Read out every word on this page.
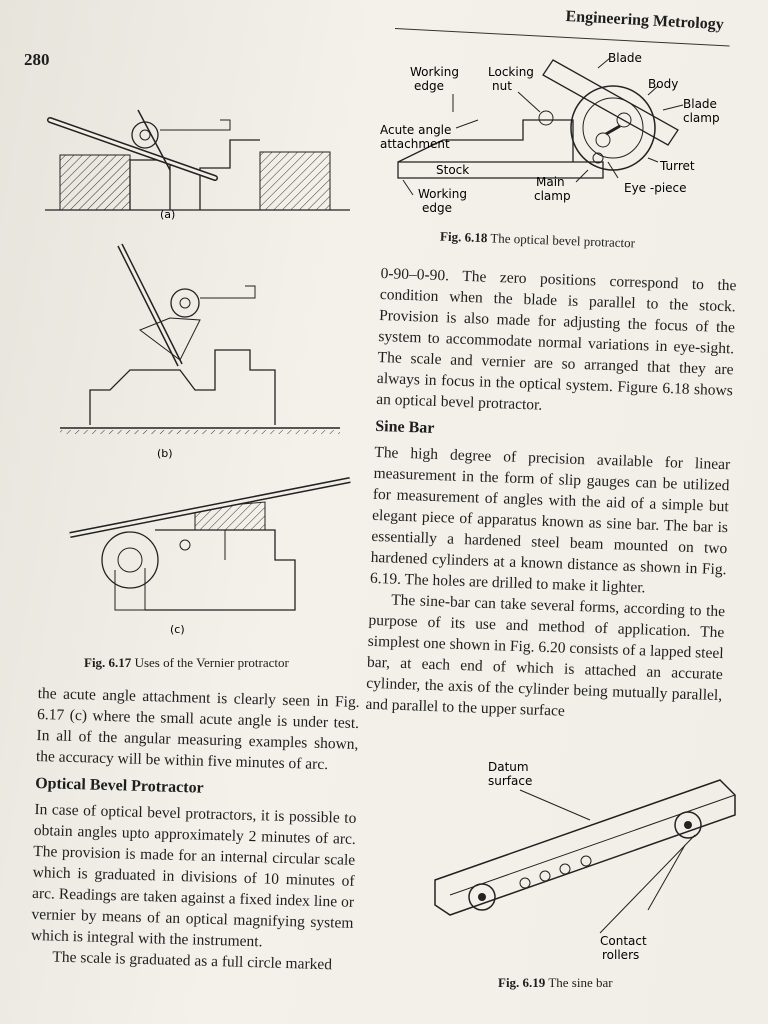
280
Engineering Metrology
(a)
(b)
(c)
Fig. 6.17 Uses of the Vernier protractor
Blade
Body
Blade
clamp
Working
edge
Locking
nut
Acute angle
attachment
Stock	Turret
Working
edge
Main
clamp
Eye -piece
Fig. 6.18 The optical bevel protractor

0-90–0-90. The zero positions correspond to the condition when the blade is parallel to the stock. Provision is also made for adjusting the focus of the system to accommodate normal variations in eye-sight. The scale and vernier are so arranged that they are always in focus in the optical system. Figure 6.18 shows an optical bevel protractor.

Sine Bar

The high degree of precision available for linear measurement in the form of slip gauges can be utilized for measurement of angles with the aid of a simple but elegant piece of apparatus known as sine bar. The bar is essentially a hardened steel beam mounted on two hardened cylinders at a known distance as shown in Fig. 6.19. The holes are drilled to make it lighter.

The sine-bar can take several forms, according to the purpose of its use and method of application. The simplest one shown in Fig. 6.20 consists of a lapped steel bar, at each end of which is attached an accurate cylinder, the axis of the cylinder being mutually parallel, and parallel to the upper surface

the acute angle attachment is clearly seen in Fig. 6.17 (c) where the small acute angle is under test. In all of the angular measuring examples shown, the accuracy will be within five minutes of arc.

Optical Bevel Protractor

In case of optical bevel protractors, it is possible to obtain angles upto approximately 2 minutes of arc. The provision is made for an internal circular scale which is graduated in divisions of 10 minutes of arc. Readings are taken against a fixed index line or vernier by means of an optical magnifying system which is integral with the instrument.

The scale is graduated as a full circle marked

Datum
surface
Contact
rollers
Fig. 6.19 The sine bar
